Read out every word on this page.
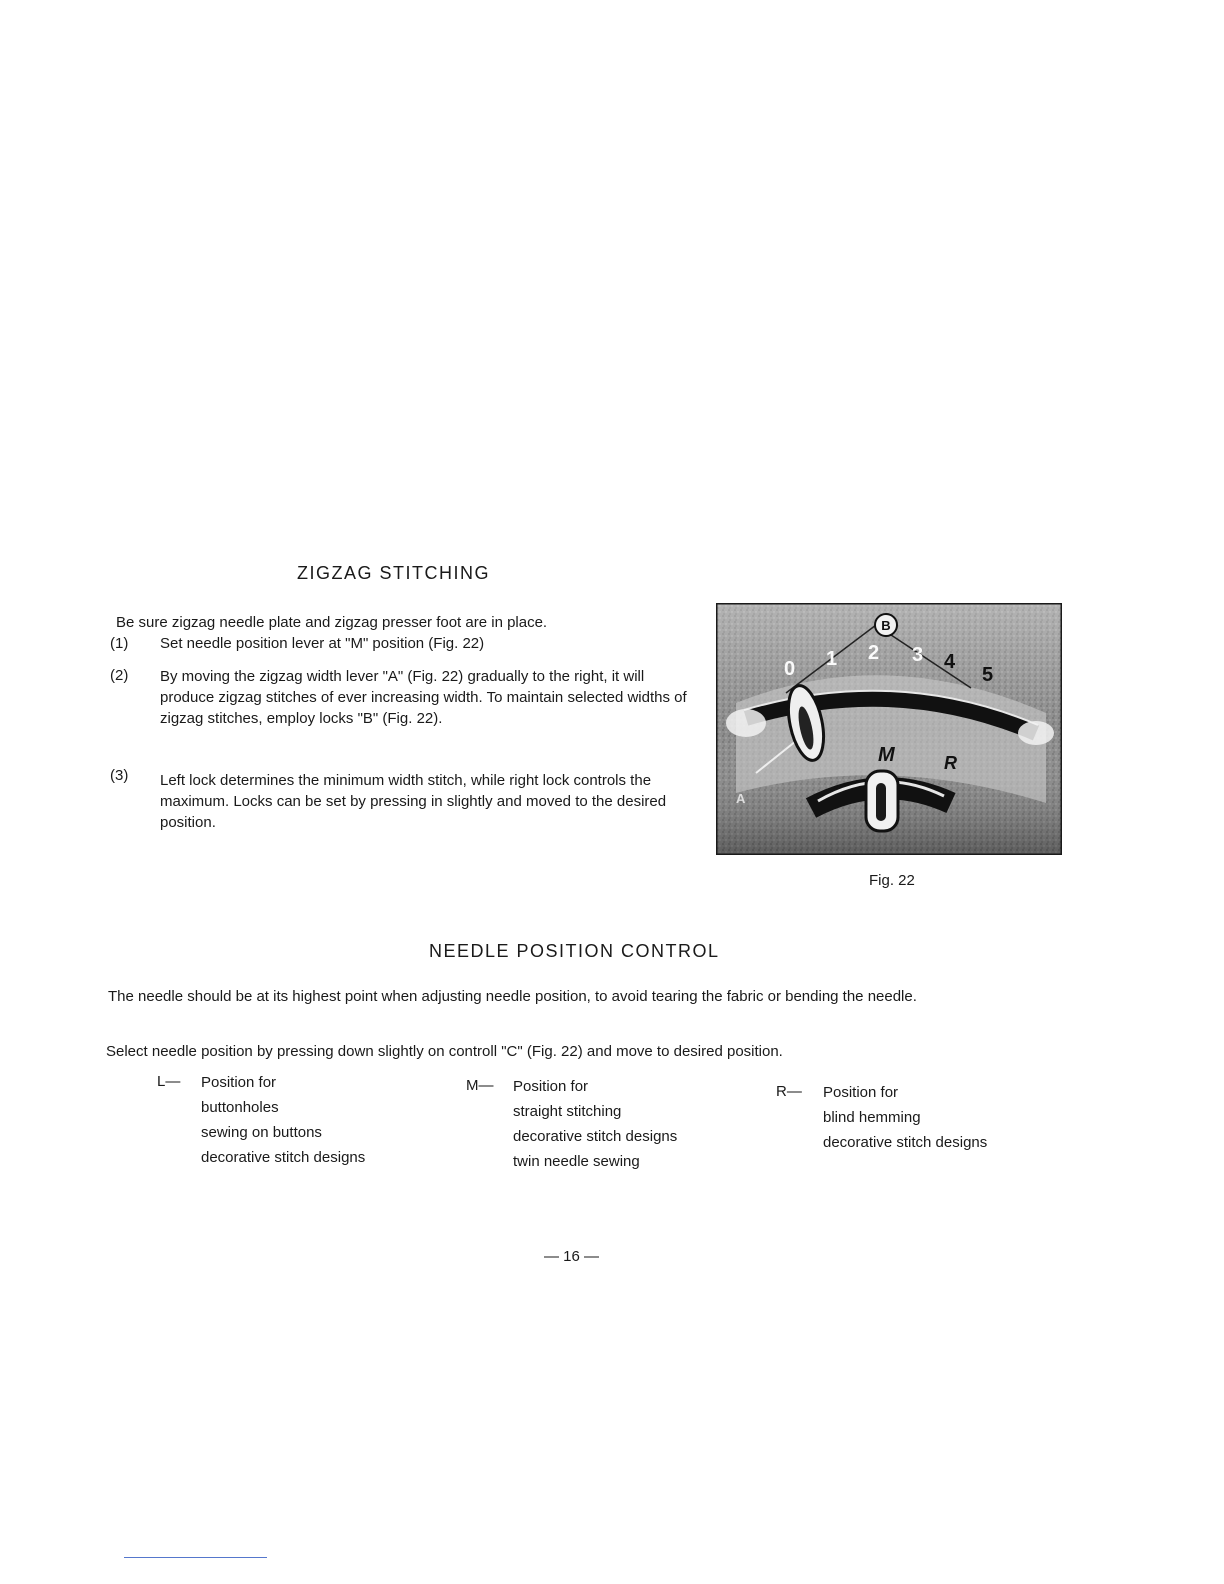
ZIGZAG STITCHING
Be sure zigzag needle plate and zigzag presser foot are in place.
(1)	Set needle position lever at "M" position (Fig. 22)
(2)	By moving the zigzag width lever "A" (Fig. 22) gradually to the right, it will produce zigzag stitches of ever increasing width. To maintain selected widths of zigzag stitches, employ locks "B" (Fig. 22).
(3)	Left lock determines the minimum width stitch, while right lock controls the maximum. Locks can be set by pressing in slightly and moved to the desired position.
B
0 1 2 3 4
5
A
M	R
Fig. 22
NEEDLE POSITION CONTROL
The needle should be at its highest point when adjusting needle position, to avoid tearing the fabric or bending the needle.
Select needle position by pressing down slightly on controll "C" (Fig. 22) and move to desired position.
L— Position for
buttonholes
sewing on buttons
decorative stitch designs
M— Position for
straight stitching
decorative stitch designs
twin needle sewing
R— Position for
blind hemming
decorative stitch designs
— 16 —
